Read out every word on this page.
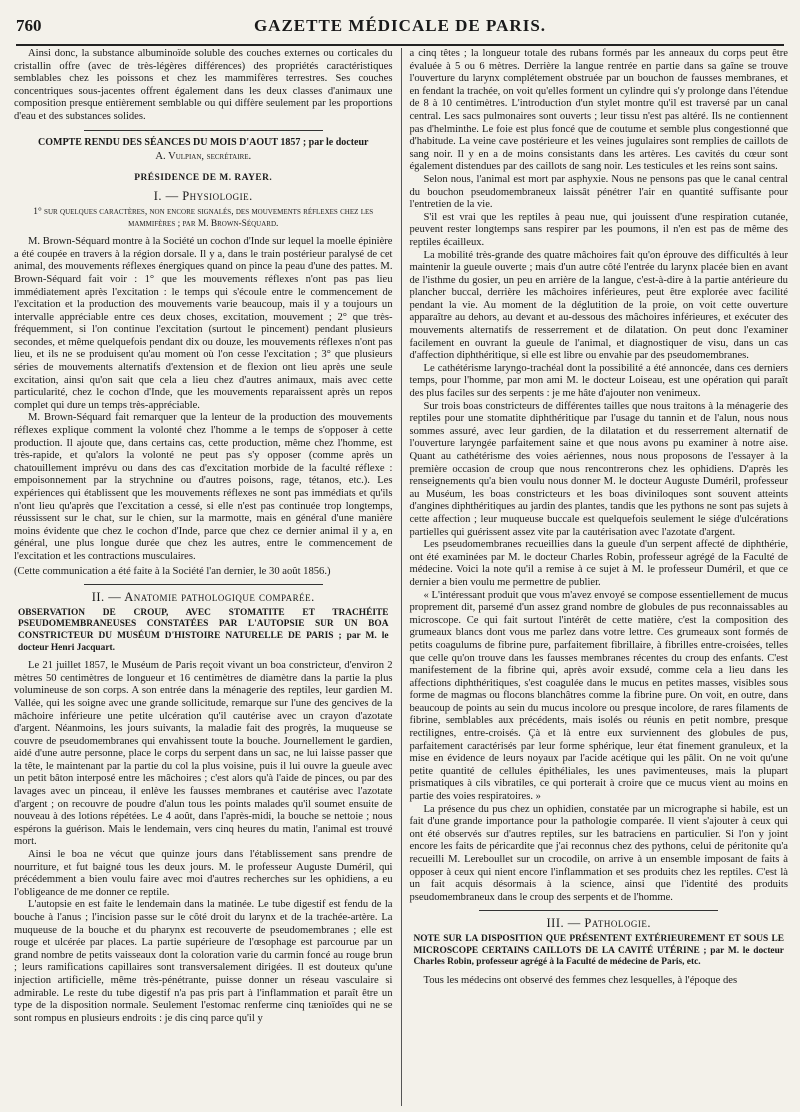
760	GAZETTE MÉDICALE DE PARIS.

Ainsi donc, la substance albuminoïde soluble des couches externes ou corticales du cristallin offre (avec de très-légères différences) des propriétés caractéristiques semblables chez les poissons et chez les mammifères terrestres. Ses couches concentriques sous-jacentes offrent également dans les deux classes d'animaux une composition presque entièrement semblable ou qui diffère seulement par les proportions d'eau et des substances solides.

COMPTE RENDU DES SÉANCES DU MOIS D'AOUT 1857 ; par le docteur
A. Vulpian, secrétaire.
PRÉSIDENCE DE M. RAYER.
I. — Physiologie.
1° sur quelques caractères, non encore signalés, des mouvements réflexes chez les mammifères ; par M. Brown-Séquard.

M. Brown-Séquard montre à la Société un cochon d'Inde sur lequel la moelle épinière a été coupée en travers à la région dorsale. Il y a, dans le train postérieur paralysé de cet animal, des mouvements réflexes énergiques quand on pince la peau d'une des pattes. M. Brown-Séquard fait voir : 1° que les mouvements réflexes n'ont pas pas lieu immédiatement après l'excitation : le temps qui s'écoule entre le commencement de l'excitation et la production des mouvements varie beaucoup, mais il y a toujours un intervalle appréciable entre ces deux choses, excitation, mouvement ; 2° que très-fréquemment, si l'on continue l'excitation (surtout le pincement) pendant plusieurs secondes, et même quelquefois pendant dix ou douze, les mouvements réflexes n'ont pas lieu, et ils ne se produisent qu'au moment où l'on cesse l'excitation ; 3° que plusieurs séries de mouvements alternatifs d'extension et de flexion ont lieu après une seule excitation, ainsi qu'on sait que cela a lieu chez d'autres animaux, mais avec cette particularité, chez le cochon d'Inde, que les mouvements reparaissent après un repos complet qui dure un temps très-appréciable.

M. Brown-Séquard fait remarquer que la lenteur de la production des mouvements réflexes explique comment la volonté chez l'homme a le temps de s'opposer à cette production. Il ajoute que, dans certains cas, cette production, même chez l'homme, est très-rapide, et qu'alors la volonté ne peut pas s'y opposer (comme après un chatouillement imprévu ou dans des cas d'excitation morbide de la faculté réflexe : empoisonnement par la strychnine ou d'autres poisons, rage, tétanos, etc.). Les expériences qui établissent que les mouvements réflexes ne sont pas immédiats et qu'ils n'ont lieu qu'après que l'excitation a cessé, si elle n'est pas continuée trop longtemps, réussissent sur le chat, sur le chien, sur la marmotte, mais en général d'une manière moins évidente que chez le cochon d'Inde, parce que chez ce dernier animal il y a, en général, une plus longue durée que chez les autres, entre le commencement de l'excitation et les contractions musculaires.

(Cette communication a été faite à la Société l'an dernier, le 30 août 1856.)

II. — Anatomie pathologique comparée.
OBSERVATION DE CROUP, AVEC STOMATITE ET TRACHÉITE PSEUDOMEMBRANEUSES CONSTATÉES PAR L'AUTOPSIE SUR UN BOA CONSTRICTEUR DU MUSÉUM D'HISTOIRE NATURELLE DE PARIS ; par M. le docteur Henri Jacquart.

Le 21 juillet 1857, le Muséum de Paris reçoit vivant un boa constricteur, d'environ 2 mètres 50 centimètres de longueur et 16 centimètres de diamètre dans la partie la plus volumineuse de son corps. A son entrée dans la ménagerie des reptiles, leur gardien M. Vallée, qui les soigne avec une grande sollicitude, remarque sur l'une des gencives de la mâchoire inférieure une petite ulcération qu'il cautérise avec un crayon d'azotate d'argent. Néanmoins, les jours suivants, la maladie fait des progrès, la muqueuse se couvre de pseudomembranes qui envahissent toute la bouche. Journellement le gardien, aidé d'une autre personne, place le corps du serpent dans un sac, ne lui laisse passer que la tête, le maintenant par la partie du col la plus voisine, puis il lui ouvre la gueule avec un petit bâton interposé entre les mâchoires ; c'est alors qu'à l'aide de pinces, ou par des lavages avec un pinceau, il enlève les fausses membranes et cautérise avec l'azotate d'argent ; on recouvre de poudre d'alun tous les points malades qu'il soumet ensuite de nouveau à des lotions répétées. Le 4 août, dans l'après-midi, la bouche se nettoie ; nous espérons la guérison. Mais le lendemain, vers cinq heures du matin, l'animal est trouvé mort.

Ainsi le boa ne vécut que quinze jours dans l'établissement sans prendre de nourriture, et fut baigné tous les deux jours. M. le professeur Auguste Duméril, qui précédemment a bien voulu faire avec moi d'autres recherches sur les ophidiens, a eu l'obligeance de me donner ce reptile.

L'autopsie en est faite le lendemain dans la matinée. Le tube digestif est fendu de la bouche à l'anus ; l'incision passe sur le côté droit du larynx et de la trachée-artère. La muqueuse de la bouche et du pharynx est recouverte de pseudomembranes ; elle est rouge et ulcérée par places. La partie supérieure de l'œsophage est parcourue par un grand nombre de petits vaisseaux dont la coloration varie du carmin foncé au rouge brun ; leurs ramifications capillaires sont transversalement dirigées. Il est douteux qu'une injection artificielle, même très-pénétrante, puisse donner un réseau vasculaire si admirable. Le reste du tube digestif n'a pas pris part à l'inflammation et paraît être un type de la disposition normale. Seulement l'estomac renferme cinq tænioïdes qui ne se sont rompus en plusieurs endroits : je dis cinq parce qu'il y

a cinq têtes ; la longueur totale des rubans formés par les anneaux du corps peut être évaluée à 5 ou 6 mètres. Derrière la langue rentrée en partie dans sa gaîne se trouve l'ouverture du larynx complétement obstruée par un bouchon de fausses membranes, et en fendant la trachée, on voit qu'elles forment un cylindre qui s'y prolonge dans l'étendue de 8 à 10 centimètres. L'introduction d'un stylet montre qu'il est traversé par un canal central. Les sacs pulmonaires sont ouverts ; leur tissu n'est pas altéré. Ils ne contiennent pas d'helminthe. Le foie est plus foncé que de coutume et semble plus congestionné que d'habitude. La veine cave postérieure et les veines jugulaires sont remplies de caillots de sang noir. Il y en a de moins consistants dans les artères. Les cavités du cœur sont également distendues par des caillots de sang noir. Les testicules et les reins sont sains.

Selon nous, l'animal est mort par asphyxie. Nous ne pensons pas que le canal central du bouchon pseudomembraneux laissât pénétrer l'air en quantité suffisante pour l'entretien de la vie.

S'il est vrai que les reptiles à peau nue, qui jouissent d'une respiration cutanée, peuvent rester longtemps sans respirer par les poumons, il n'en est pas de même des reptiles écailleux.

La mobilité très-grande des quatre mâchoires fait qu'on éprouve des difficultés à leur maintenir la gueule ouverte ; mais d'un autre côté l'entrée du larynx placée bien en avant de l'isthme du gosier, un peu en arrière de la langue, c'est-à-dire à la partie antérieure du plancher buccal, derrière les mâchoires inférieures, peut être explorée avec facilité pendant la vie. Au moment de la déglutition de la proie, on voit cette ouverture apparaître au dehors, au devant et au-dessous des mâchoires inférieures, et exécuter des mouvements alternatifs de resserrement et de dilatation. On peut donc l'examiner facilement en ouvrant la gueule de l'animal, et diagnostiquer de visu, dans un cas d'affection diphthéritique, si elle est libre ou envahie par des pseudomembranes.

Le cathétérisme laryngo-trachéal dont la possibilité a été annoncée, dans ces derniers temps, pour l'homme, par mon ami M. le docteur Loiseau, est une opération qui paraît des plus faciles sur des serpents : je me hâte d'ajouter non venimeux.

Sur trois boas constricteurs de différentes tailles que nous traitons à la ménagerie des reptiles pour une stomatite diphthéritique par l'usage du tannin et de l'alun, nous nous sommes assuré, avec leur gardien, de la dilatation et du resserrement alternatif de l'ouverture laryngée parfaitement saine et que nous avons pu examiner à notre aise. Quant au cathétérisme des voies aériennes, nous nous proposons de l'essayer à la première occasion de croup que nous rencontrerons chez les ophidiens. D'après les renseignements qu'a bien voulu nous donner M. le docteur Auguste Duméril, professeur au Muséum, les boas constricteurs et les boas diviniloques sont souvent atteints d'angines diphthéritiques au jardin des plantes, tandis que les pythons ne sont pas sujets à cette affection ; leur muqueuse buccale est quelquefois seulement le siége d'ulcérations partielles qui guérissent assez vite par la cautérisation avec l'azotate d'argent.

Les pseudomembranes recueillies dans la gueule d'un serpent affecté de diphthérie, ont été examinées par M. le docteur Charles Robin, professeur agrégé de la Faculté de médecine. Voici la note qu'il a remise à ce sujet à M. le professeur Duméril, et que ce dernier a bien voulu me permettre de publier.

« L'intéressant produit que vous m'avez envoyé se compose essentiellement de mucus proprement dit, parsemé d'un assez grand nombre de globules de pus reconnaissables au microscope. Ce qui fait surtout l'intérêt de cette matière, c'est la composition des grumeaux blancs dont vous me parlez dans votre lettre. Ces grumeaux sont formés de petits coagulums de fibrine pure, parfaitement fibrillaire, à fibrilles entre-croisées, telles que celle qu'on trouve dans les fausses membranes récentes du croup des enfants. C'est manifestement de la fibrine qui, après avoir exsudé, comme cela a lieu dans les affections diphthéritiques, s'est coagulée dans le mucus en petites masses, visibles sous forme de magmas ou flocons blanchâtres comme la fibrine pure. On voit, en outre, dans beaucoup de points au sein du mucus incolore ou presque incolore, de rares filaments de fibrine, semblables aux précédents, mais isolés ou réunis en petit nombre, presque rectilignes, entre-croisés. Çà et là entre eux surviennent des globules de pus, parfaitement caractérisés par leur forme sphérique, leur état finement granuleux, et la mise en évidence de leurs noyaux par l'acide acétique qui les pâlit. On ne voit qu'une petite quantité de cellules épithéliales, les unes pavimenteuses, mais la plupart prismatiques à cils vibratiles, ce qui porterait à croire que ce mucus vient au moins en partie des voies respiratoires. »

La présence du pus chez un ophidien, constatée par un micrographe si habile, est un fait d'une grande importance pour la pathologie comparée. Il vient s'ajouter à ceux qui ont été observés sur d'autres reptiles, sur les batraciens en particulier. Si l'on y joint encore les faits de péricardite que j'ai reconnus chez des pythons, celui de péritonite qu'a recueilli M. Lereboullet sur un crocodile, on arrive à un ensemble imposant de faits à opposer à ceux qui nient encore l'inflammation et ses produits chez les reptiles. C'est là un fait acquis désormais à la science, ainsi que l'identité des produits pseudomembraneux dans le croup des serpents et de l'homme.

III. — Pathologie.
NOTE SUR LA DISPOSITION QUE PRÉSENTENT EXTÉRIEUREMENT ET SOUS LE MICROSCOPE CERTAINS CAILLOTS DE LA CAVITÉ UTÉRINE ; par M. le docteur Charles Robin, professeur agrégé à la Faculté de médecine de Paris, etc.

Tous les médecins ont observé des femmes chez lesquelles, à l'époque des
